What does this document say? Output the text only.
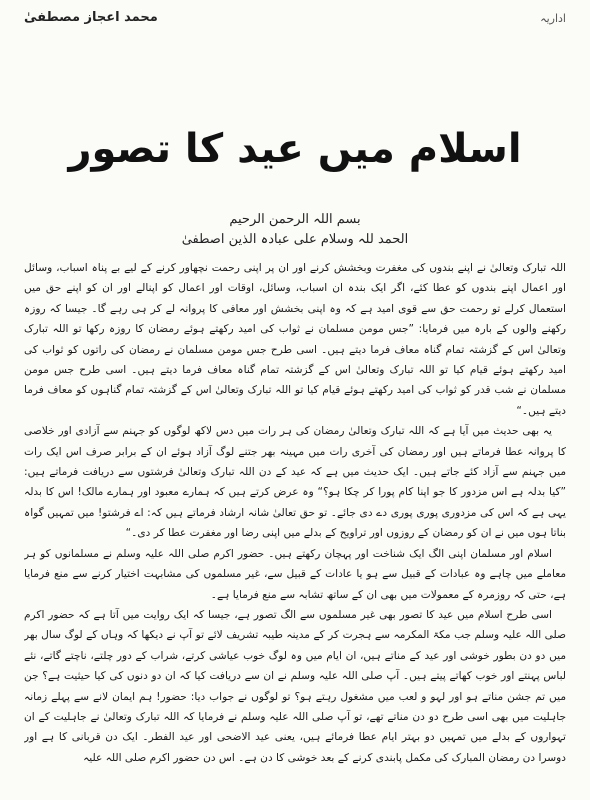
اداریہ
محمد اعجاز مصطفیٰ
اسلام میں عید کا تصور
بسم اللہ الرحمن الرحیم
الحمد للہ وسلام علی عبادہ الذین اصطفیٰ

اللہ تبارک وتعالیٰ نے اپنے بندوں کی مغفرت وبخشش کرنے اور ان پر اپنی رحمت نچھاور کرنے کے لیے بے پناہ اسباب، وسائل اور اعمال اپنے بندوں کو عطا کئے، اگر ایک بندہ ان اسباب، وسائل، اوقات اور اعمال کو اپنالے اور ان کو اپنے حق میں استعمال کرلے تو رحمت حق سے قوی امید ہے کہ وہ اپنی بخشش اور معافی کا پروانہ لے کر ہی رہے گا۔ جیسا کہ روزہ رکھنے والوں کے بارہ میں فرمایا: ”جس مومن مسلمان نے ثواب کی امید رکھتے ہوئے رمضان کا روزہ رکھا تو اللہ تبارک وتعالیٰ اس کے گزشتہ تمام گناہ معاف فرما دیتے ہیں۔ اسی طرح جس مومن مسلمان نے رمضان کی راتوں کو ثواب کی امید رکھتے ہوئے قیام کیا تو اللہ تبارک وتعالیٰ اس کے گزشتہ تمام گناہ معاف فرما دیتے ہیں۔ اسی طرح جس مومن مسلمان نے شب قدر کو ثواب کی امید رکھتے ہوئے قیام کیا تو اللہ تبارک وتعالیٰ اس کے گزشتہ تمام گناہوں کو معاف فرما دیتے ہیں۔“

یہ بھی حدیث میں آیا ہے کہ اللہ تبارک وتعالیٰ رمضان کی ہر رات میں دس لاکھ لوگوں کو جہنم سے آزادی اور خلاصی کا پروانہ عطا فرماتے ہیں اور رمضان کی آخری رات میں مہینہ بھر جتنے لوگ آزاد ہوئے ان کے برابر صرف اس ایک رات میں جہنم سے آزاد کئے جاتے ہیں۔ ایک حدیث میں ہے کہ عید کے دن اللہ تبارک وتعالیٰ فرشتوں سے دریافت فرماتے ہیں: ”کیا بدلہ ہے اس مزدور کا جو اپنا کام پورا کر چکا ہو؟“ وہ عرض کرتے ہیں کہ ہمارے معبود اور ہمارے مالک! اس کا بدلہ یہی ہے کہ اس کی مزدوری پوری پوری دے دی جائے۔ تو حق تعالیٰ شانہ ارشاد فرماتے ہیں کہ: اے فرشتو! میں تمہیں گواہ بناتا ہوں میں نے ان کو رمضان کے روزوں اور تراویح کے بدلے میں اپنی رضا اور مغفرت عطا کر دی۔“

اسلام اور مسلمان اپنی الگ ایک شناخت اور پہچان رکھتے ہیں۔ حضور اکرم صلی اللہ علیہ وسلم نے مسلمانوں کو ہر معاملے میں چاہے وہ عبادات کے قبیل سے ہو یا عادات کے قبیل سے، غیر مسلموں کی مشابہت اختیار کرنے سے منع فرمایا ہے، حتی کہ روزمرہ کے معمولات میں بھی ان کے ساتھ تشابہ سے منع فرمایا ہے۔

اسی طرح اسلام میں عید کا تصور بھی غیر مسلموں سے الگ تصور ہے، جیسا کہ ایک روایت میں آتا ہے کہ حضور اکرم صلی اللہ علیہ وسلم جب مکۃ المکرمہ سے ہجرت کر کے مدینہ طیبہ تشریف لائے تو آپ نے دیکھا کہ وہاں کے لوگ سال بھر میں دو دن بطور خوشی اور عید کے مناتے ہیں، ان ایام میں وہ لوگ خوب عیاشی کرتے، شراب کے دور چلتے، ناچتے گاتے، نئے لباس پہنتے اور خوب کھاتے پیتے ہیں۔ آپ صلی اللہ علیہ وسلم نے ان سے دریافت کیا کہ ان دو دنوں کی کیا حیثیت ہے؟ جن میں تم جشن مناتے ہو اور لہو و لعب میں مشغول رہتے ہو؟ تو لوگوں نے جواب دیا: حضور! ہم ایمان لانے سے پہلے زمانہ جاہلیت میں بھی اسی طرح دو دن مناتے تھے، تو آپ صلی اللہ علیہ وسلم نے فرمایا کہ اللہ تبارک وتعالیٰ نے جاہلیت کے ان تہواروں کے بدلے میں تمہیں دو بہتر ایام عطا فرمائے ہیں، یعنی عید الاضحی اور عید الفطر۔ ایک دن قربانی کا ہے اور دوسرا دن رمضان المبارک کی مکمل پابندی کرنے کے بعد خوشی کا دن ہے۔ اس دن حضور اکرم صلی اللہ علیہ
